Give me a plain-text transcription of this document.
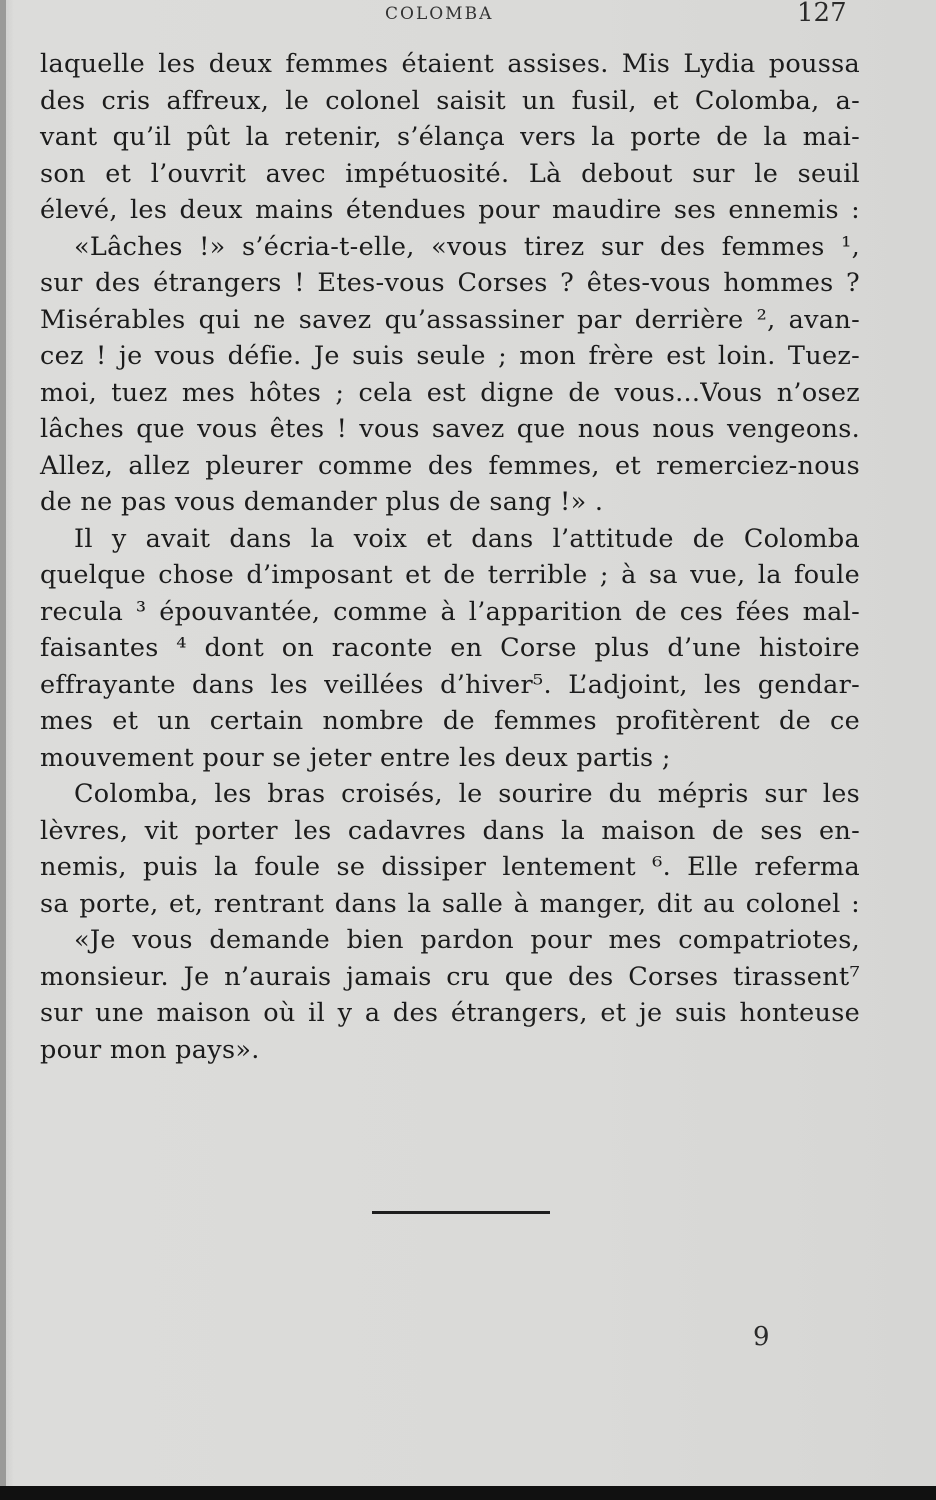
COLOMBA	127
laquelle les deux femmes étaient assises. Mis Lydia poussa
des cris affreux, le colonel saisit un fusil, et Colomba, a-
vant qu’il pût la retenir, s’élança vers la porte de la mai-
son et l’ouvrit avec impétuosité. Là debout sur le seuil
élevé, les deux mains étendues pour maudire ses ennemis :
«Lâches !» s’écria-t-elle, «vous tirez sur des femmes ¹,
sur des étrangers ! Etes-vous Corses ? êtes-vous hommes ?
Misérables qui ne savez qu’assassiner par derrière ², avan-
cez ! je vous défie. Je suis seule ; mon frère est loin. Tuez-
moi, tuez mes hôtes ; cela est digne de vous...Vous n’osez
lâches que vous êtes ! vous savez que nous nous vengeons.
Allez, allez pleurer comme des femmes, et remerciez-nous
de ne pas vous demander plus de sang !» .
Il y avait dans la voix et dans l’attitude de Colomba
quelque chose d’imposant et de terrible ; à sa vue, la foule
recula ³ épouvantée, comme à l’apparition de ces fées mal-
faisantes ⁴ dont on raconte en Corse plus d’une histoire
effrayante dans les veillées d’hiver⁵. L’adjoint, les gendar-
mes et un certain nombre de femmes profitèrent de ce
mouvement pour se jeter entre les deux partis ;
Colomba, les bras croisés, le sourire du mépris sur les
lèvres, vit porter les cadavres dans la maison de ses en-
nemis, puis la foule se dissiper lentement ⁶. Elle referma
sa porte, et, rentrant dans la salle à manger, dit au colonel :
«Je vous demande bien pardon pour mes compatriotes,
monsieur. Je n’aurais jamais cru que des Corses tirassent⁷
sur une maison où il y a des étrangers, et je suis honteuse
pour mon pays».
9
